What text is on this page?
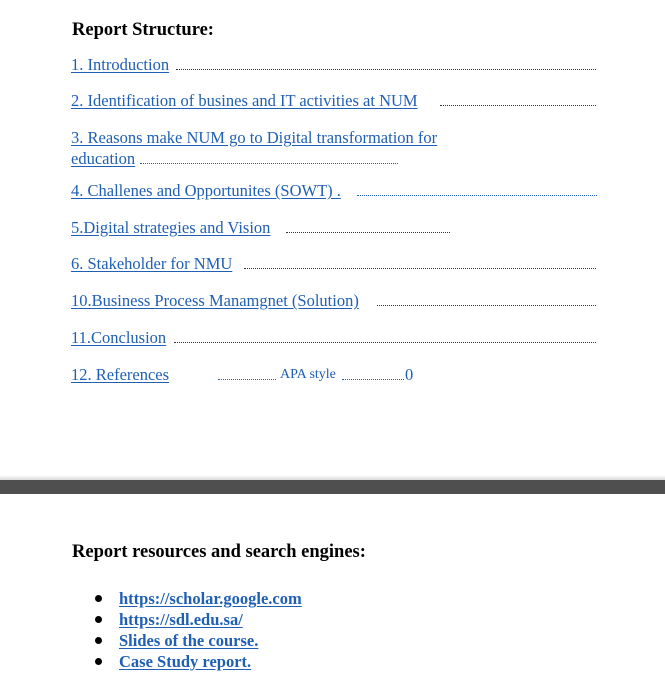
Report Structure:
1. Introduction
2. Identification of busines and IT activities at NUM
3. Reasons make NUM go to Digital transformation for
education
4. Challenes and Opportunites (SOWT) .
5.Digital strategies and Vision
6. Stakeholder for NMU
10.Business Process Manamgnet (Solution)
11.Conclusion
12. References	APA style	0
Report resources and search engines:
https://scholar.google.com
https://sdl.edu.sa/
Slides of the course.
Case Study report.
